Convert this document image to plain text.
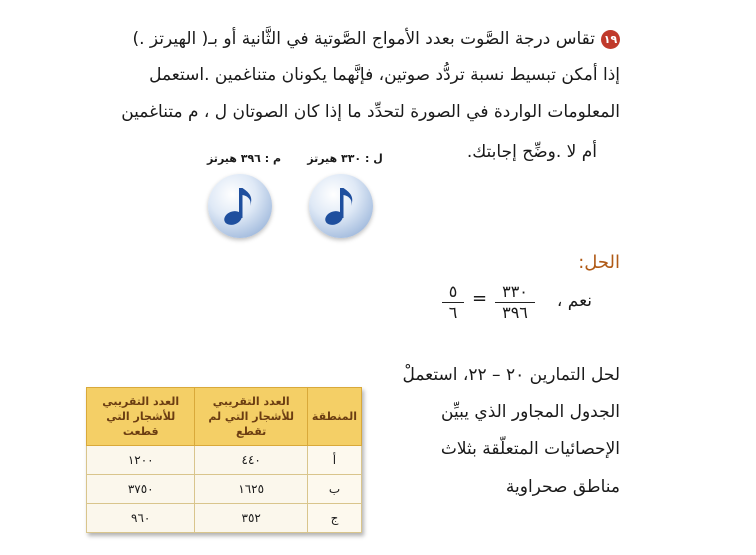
١٩تقاس درجة الصَّوت بعدد الأمواج الصَّوتية في الثَّانية أو بـ( الهيرتز .)
إذا أمكن تبسيط نسبة تردُّد صوتين، فإنَّهما يكونان متناغمين .استعمل
المعلومات الواردة في الصورة لتحدِّد ما إذا كان الصوتان ل ، م متناغمين
أم لا .وضِّح إجابتك.
م : ٣٩٦ هيرتز ل : ٣٣٠ هيرتز
الحل:
نعم ،
٣٣٠
٣٩٦
=
٥
٦
لحل التمارين ٢٠ – ٢٢، استعملْ
الجدول المجاور الذي يبيِّن
الإحصائيات المتعلّقة بثلاث
مناطق صحراوية
المنطقة	العدد التقريبي للأشجار التي لم تقطع	العدد التقريبي للأشجار التي قطعت
أ	٤٤٠	١٢٠٠
ب	١٦٢٥	٣٧٥٠
ج	٣٥٢	٩٦٠
